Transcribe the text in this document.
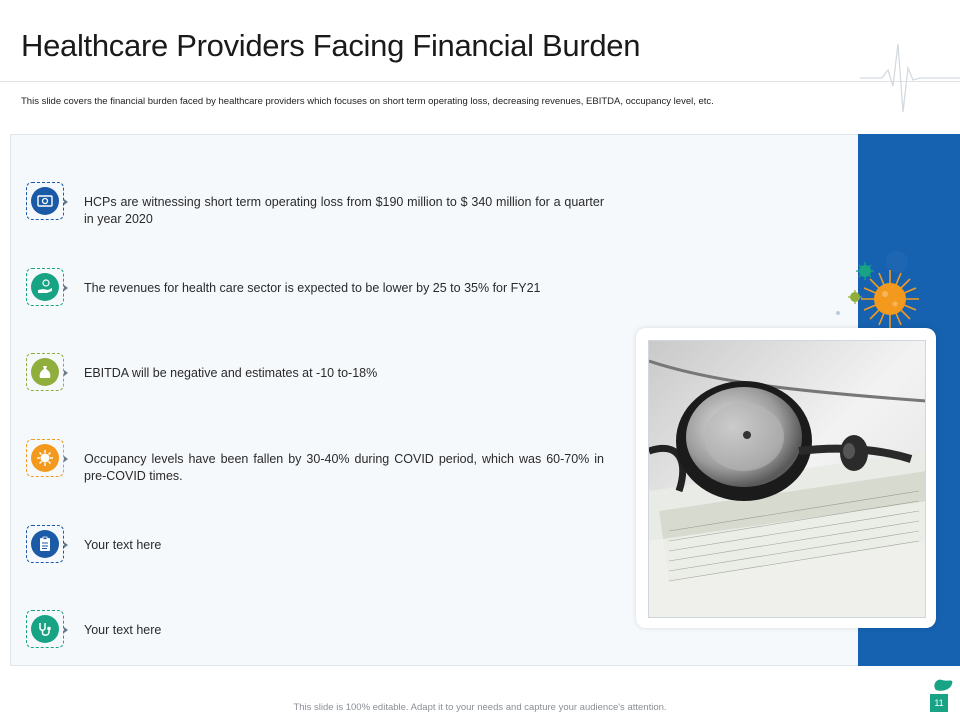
Healthcare Providers Facing Financial Burden
This slide covers the financial burden faced by healthcare providers which focuses on short term operating loss, decreasing revenues, EBITDA, occupancy level, etc.
HCPs are witnessing short term operating loss from $190 million to $ 340 million for a quarter in year 2020
The revenues for health care sector is expected to be lower by 25 to 35% for FY21
EBITDA will be negative and estimates at -10 to-18%
Occupancy levels have been fallen by 30-40% during COVID period, which was 60-70% in pre-COVID times.
Your text here
Your text here
This slide is 100% editable. Adapt it to your needs and capture your audience's attention.	11
